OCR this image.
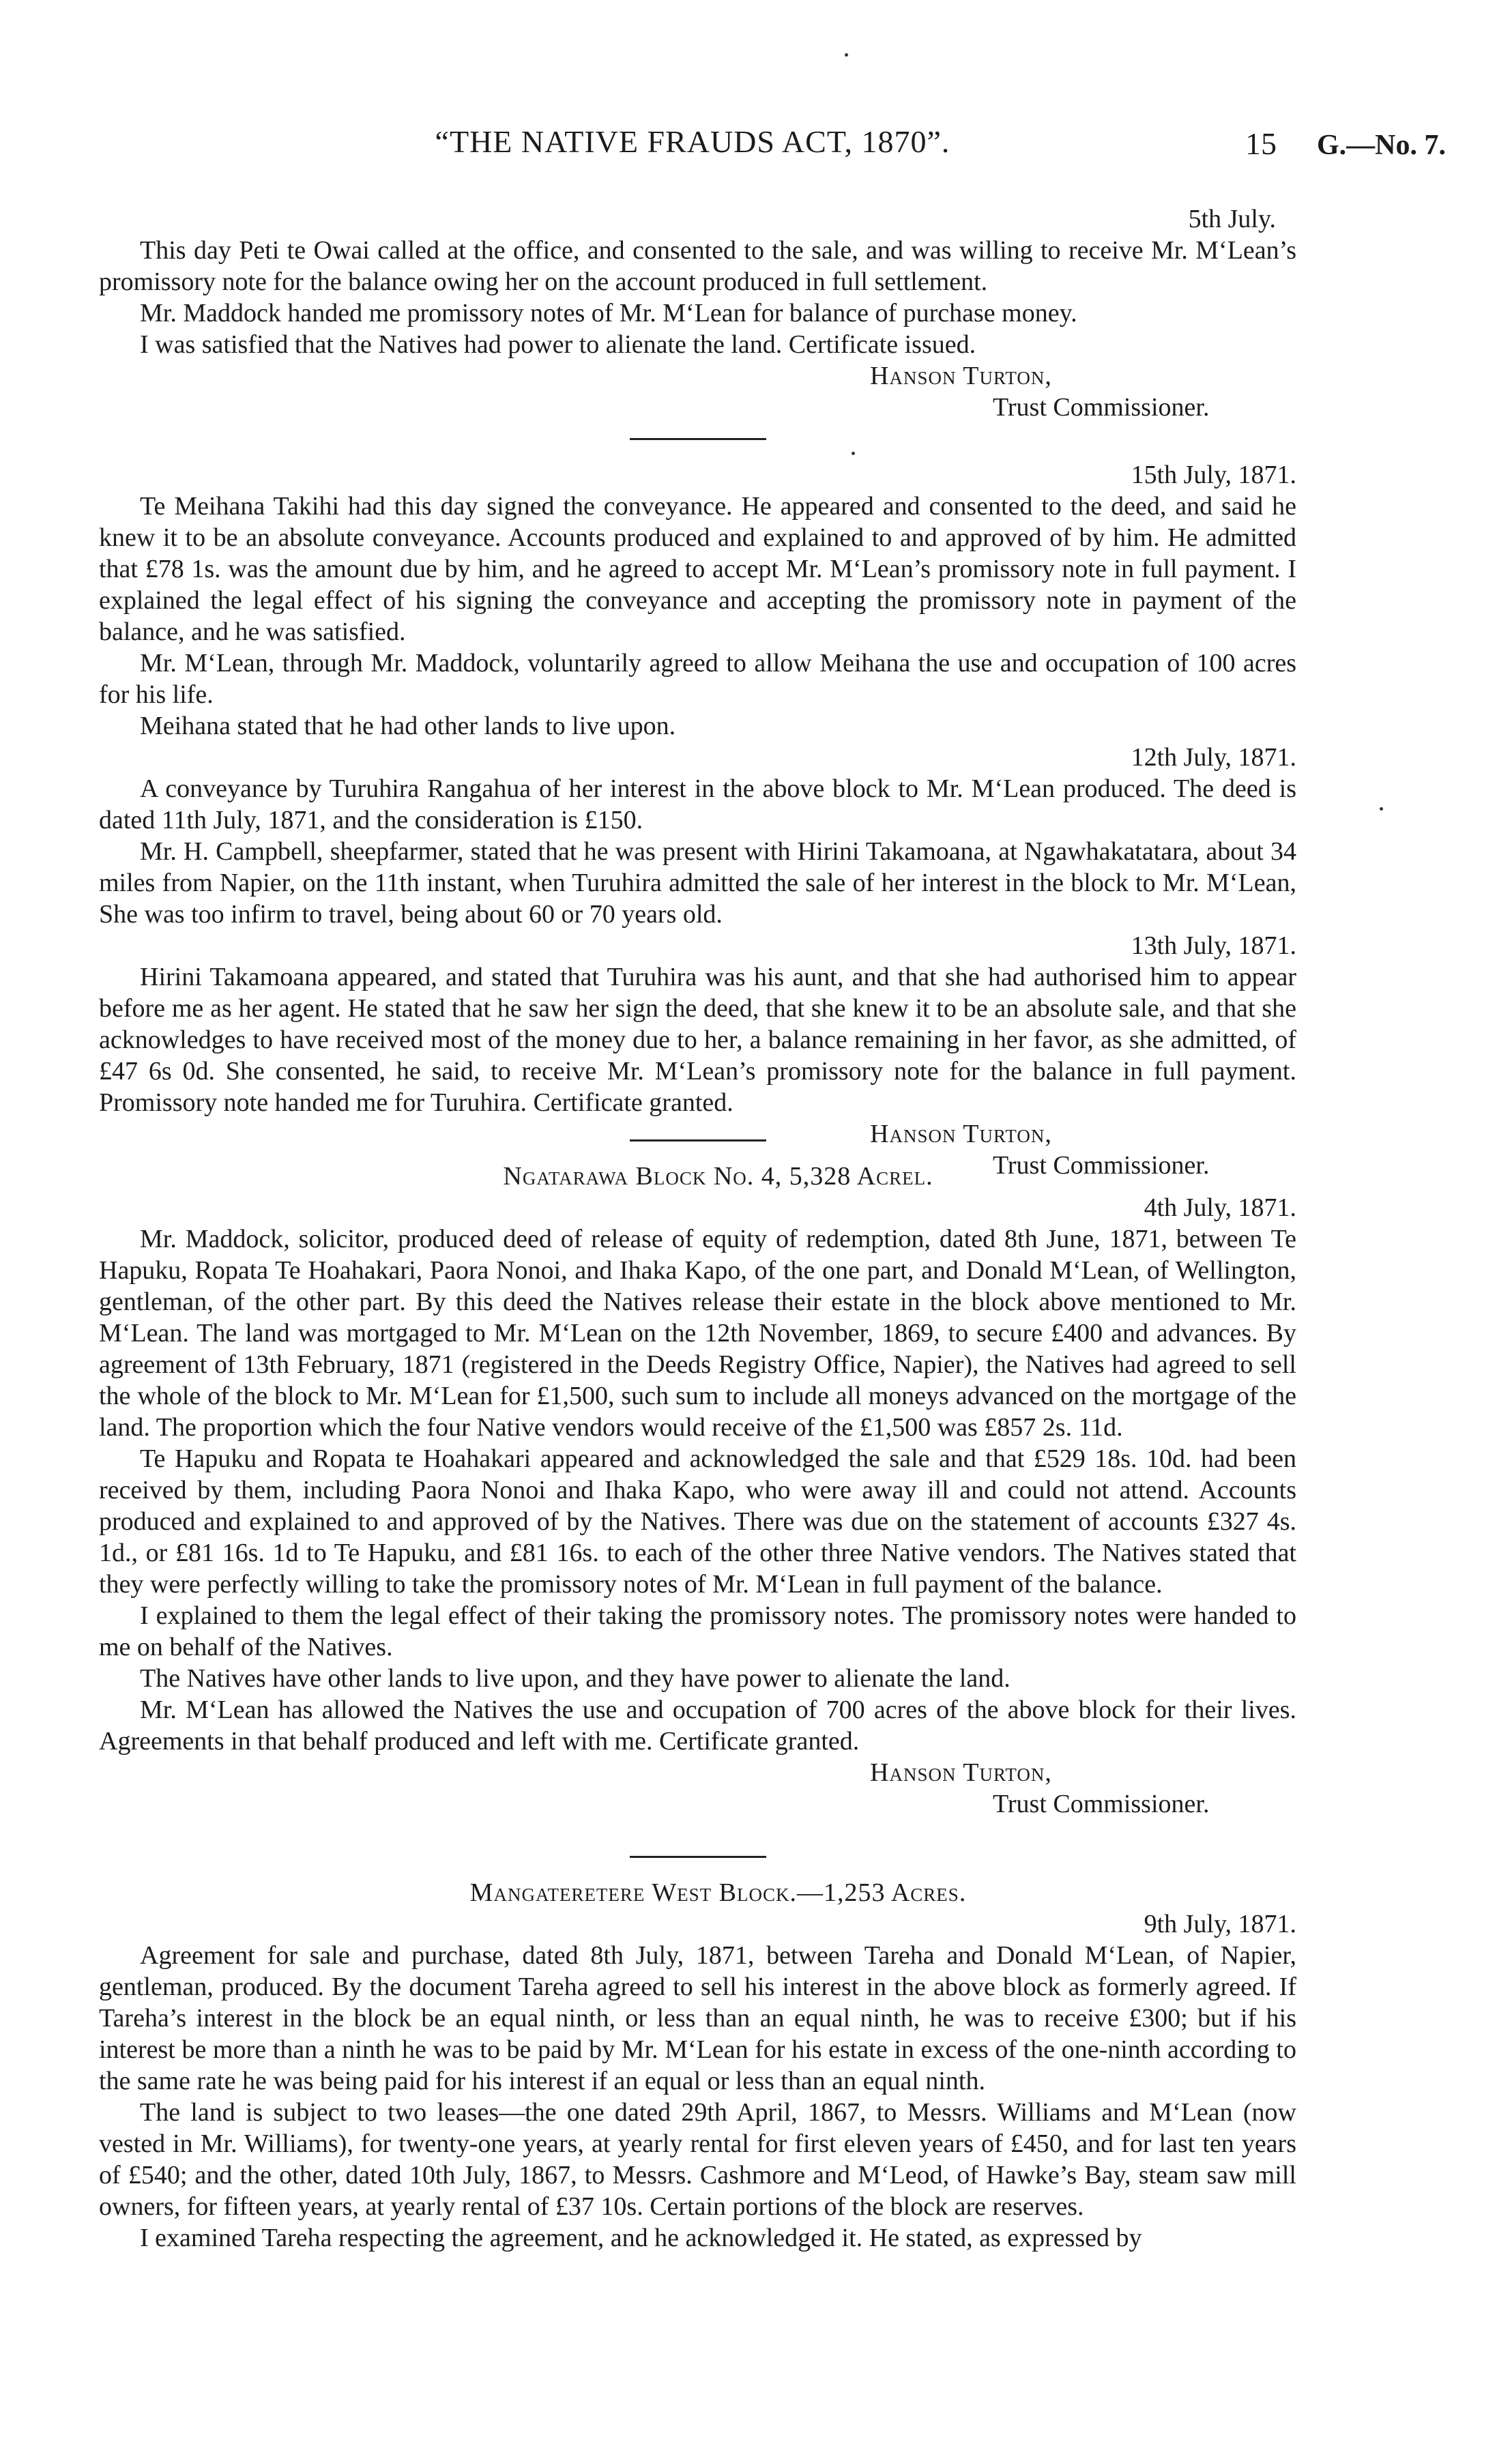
“THE NATIVE FRAUDS ACT, 1870”.	15 G.—No. 7.

5th July.

This day Peti te Owai called at the office, and consented to the sale, and was willing to receive Mr. M‘Lean’s promissory note for the balance owing her on the account produced in full settlement.

Mr. Maddock handed me promissory notes of Mr. M‘Lean for balance of purchase money.

I was satisfied that the Natives had power to alienate the land. Certificate issued.

Hanson Turton,
Trust Commissioner.

15th July, 1871.

Te Meihana Takihi had this day signed the conveyance. He appeared and consented to the deed, and said he knew it to be an absolute conveyance. Accounts produced and explained to and approved of by him. He admitted that £78 1s. was the amount due by him, and he agreed to accept Mr. M‘Lean’s promissory note in full payment. I explained the legal effect of his signing the conveyance and accepting the promissory note in payment of the balance, and he was satisfied.

Mr. M‘Lean, through Mr. Maddock, voluntarily agreed to allow Meihana the use and occupation of 100 acres for his life.

Meihana stated that he had other lands to live upon.

12th July, 1871.

A conveyance by Turuhira Rangahua of her interest in the above block to Mr. M‘Lean produced. The deed is dated 11th July, 1871, and the consideration is £150.

Mr. H. Campbell, sheepfarmer, stated that he was present with Hirini Takamoana, at Ngawhakatatara, about 34 miles from Napier, on the 11th instant, when Turuhira admitted the sale of her interest in the block to Mr. M‘Lean, She was too infirm to travel, being about 60 or 70 years old.

13th July, 1871.

Hirini Takamoana appeared, and stated that Turuhira was his aunt, and that she had authorised him to appear before me as her agent. He stated that he saw her sign the deed, that she knew it to be an absolute sale, and that she acknowledges to have received most of the money due to her, a balance remaining in her favor, as she admitted, of £47 6s 0d. She consented, he said, to receive Mr. M‘Lean’s promissory note for the balance in full payment. Promissory note handed me for Turuhira. Certificate granted.

Hanson Turton,
Trust Commissioner.

Ngatarawa Block No. 4, 5,328 Acrel.

4th July, 1871.

Mr. Maddock, solicitor, produced deed of release of equity of redemption, dated 8th June, 1871, between Te Hapuku, Ropata Te Hoahakari, Paora Nonoi, and Ihaka Kapo, of the one part, and Donald M‘Lean, of Wellington, gentleman, of the other part. By this deed the Natives release their estate in the block above mentioned to Mr. M‘Lean. The land was mortgaged to Mr. M‘Lean on the 12th November, 1869, to secure £400 and advances. By agreement of 13th February, 1871 (registered in the Deeds Registry Office, Napier), the Natives had agreed to sell the whole of the block to Mr. M‘Lean for £1,500, such sum to include all moneys advanced on the mortgage of the land. The proportion which the four Native vendors would receive of the £1,500 was £857 2s. 11d.

Te Hapuku and Ropata te Hoahakari appeared and acknowledged the sale and that £529 18s. 10d. had been received by them, including Paora Nonoi and Ihaka Kapo, who were away ill and could not attend. Accounts produced and explained to and approved of by the Natives. There was due on the statement of accounts £327 4s. 1d., or £81 16s. 1d to Te Hapuku, and £81 16s. to each of the other three Native vendors. The Natives stated that they were perfectly willing to take the promissory notes of Mr. M‘Lean in full payment of the balance.

I explained to them the legal effect of their taking the promissory notes. The promissory notes were handed to me on behalf of the Natives.

The Natives have other lands to live upon, and they have power to alienate the land.

Mr. M‘Lean has allowed the Natives the use and occupation of 700 acres of the above block for their lives. Agreements in that behalf produced and left with me. Certificate granted.

Hanson Turton,
Trust Commissioner.

Mangateretere West Block.—1,253 Acres.

9th July, 1871.

Agreement for sale and purchase, dated 8th July, 1871, between Tareha and Donald M‘Lean, of Napier, gentleman, produced. By the document Tareha agreed to sell his interest in the above block as formerly agreed. If Tareha’s interest in the block be an equal ninth, or less than an equal ninth, he was to receive £300; but if his interest be more than a ninth he was to be paid by Mr. M‘Lean for his estate in excess of the one-ninth according to the same rate he was being paid for his interest if an equal or less than an equal ninth.

The land is subject to two leases—the one dated 29th April, 1867, to Messrs. Williams and M‘Lean (now vested in Mr. Williams), for twenty-one years, at yearly rental for first eleven years of £450, and for last ten years of £540; and the other, dated 10th July, 1867, to Messrs. Cashmore and M‘Leod, of Hawke’s Bay, steam saw mill owners, for fifteen years, at yearly rental of £37 10s. Certain portions of the block are reserves.

I examined Tareha respecting the agreement, and he acknowledged it. He stated, as expressed by
